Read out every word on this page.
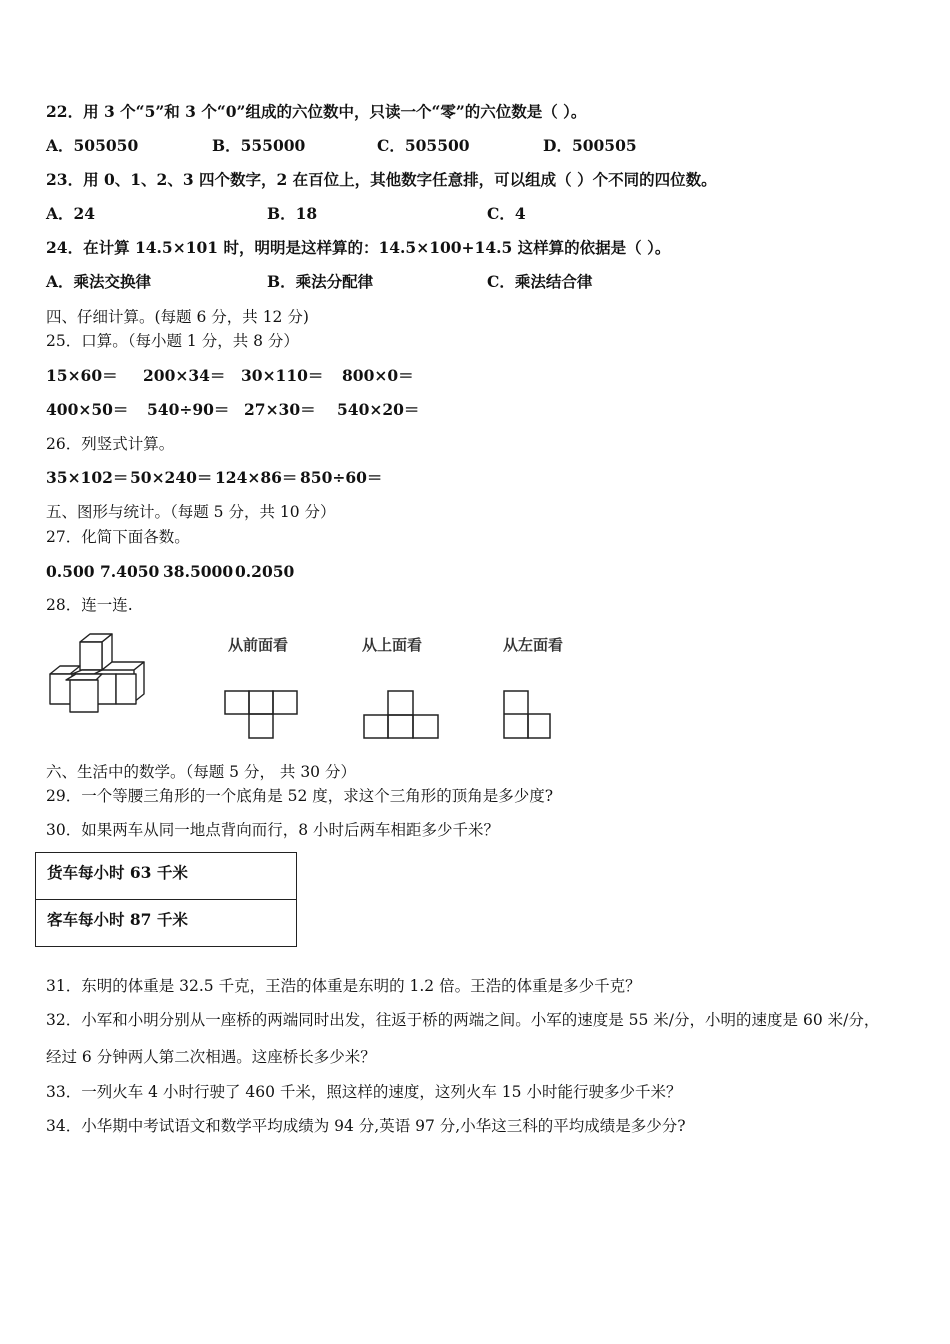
22．用 3 个“5”和 3 个“0”组成的六位数中，只读一个“零”的六位数是（ ）。
A．505050	B．555000	C．505500	D．500505
23．用 0、1、2、3 四个数字，2 在百位上，其他数字任意排，可以组成（ ）个不同的四位数。
A．24	B．18	C．4
24．在计算 14.5×101 时，明明是这样算的：14.5×100+14.5 这样算的依据是（ ）。
A．乘法交换律	B．乘法分配律	C．乘法结合律
四、仔细计算。(每题 6 分，共 12 分)
25．口算。（每小题 1 分，共 8 分）
15×60＝ 200×34＝ 30×110＝ 800×0＝
400×50＝ 540÷90＝ 27×30＝ 540×20＝
26．列竖式计算。
35×102＝ 50×240＝ 124×86＝ 850÷60＝
五、图形与统计。（每题 5 分，共 10 分）
27．化简下面各数。
0.500 7.4050 38.5000 0.2050
28．连一连.
从前面看	从上面看	从左面看
六、生活中的数学。（每题 5 分， 共 30 分）
29．一个等腰三角形的一个底角是 52 度，求这个三角形的顶角是多少度?
30．如果两车从同一地点背向而行，8 小时后两车相距多少千米？
货车每小时 63 千米
客车每小时 87 千米
31．东明的体重是 32.5 千克，王浩的体重是东明的 1.2 倍。王浩的体重是多少千克？
32．小军和小明分别从一座桥的两端同时出发，往返于桥的两端之间。小军的速度是 55 米/分，小明的速度是 60 米/分，
经过 6 分钟两人第二次相遇。这座桥长多少米？
33．一列火车 4 小时行驶了 460 千米，照这样的速度，这列火车 15 小时能行驶多少千米？
34．小华期中考试语文和数学平均成绩为 94 分,英语 97 分,小华这三科的平均成绩是多少分?
